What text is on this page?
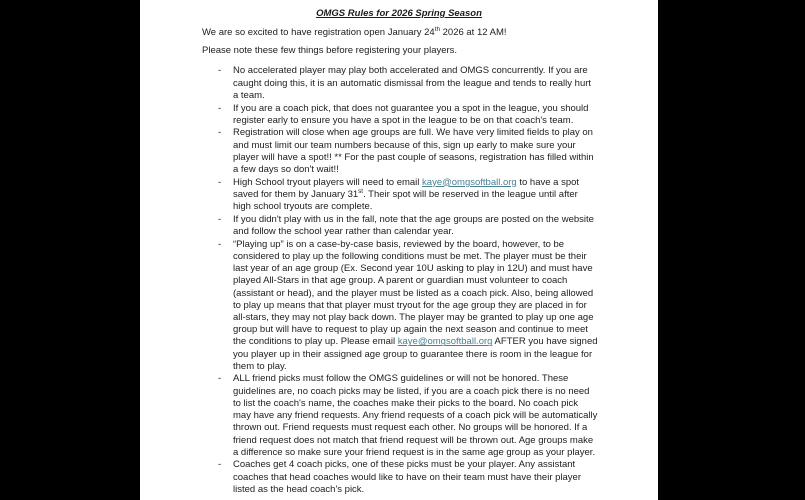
OMGS Rules for 2026 Spring Season

We are so excited to have registration open January 24th 2026 at 12 AM!

Please note these few things before registering your players.

- No accelerated player may play both accelerated and OMGS concurrently. If you are caught doing this, it is an automatic dismissal from the league and tends to really hurt a team.
- If you are a coach pick, that does not guarantee you a spot in the league, you should register early to ensure you have a spot in the league to be on that coach's team.
- Registration will close when age groups are full. We have very limited fields to play on and must limit our team numbers because of this, sign up early to make sure your player will have a spot!! ** For the past couple of seasons, registration has filled within a few days so don't wait!!
- High School tryout players will need to email kaye@omgsoftball.org to have a spot saved for them by January 31st. Their spot will be reserved in the league until after high school tryouts are complete.
- If you didn't play with us in the fall, note that the age groups are posted on the website and follow the school year rather than calendar year.
- “Playing up” is on a case-by-case basis, reviewed by the board, however, to be considered to play up the following conditions must be met. The player must be their last year of an age group (Ex. Second year 10U asking to play in 12U) and must have played All-Stars in that age group. A parent or guardian must volunteer to coach (assistant or head), and the player must be listed as a coach pick. Also, being allowed to play up means that that player must tryout for the age group they are placed in for all-stars, they may not play back down. The player may be granted to play up one age group but will have to request to play up again the next season and continue to meet the conditions to play up. Please email kaye@omgsoftball.org AFTER you have signed you player up in their assigned age group to guarantee there is room in the league for them to play.
- ALL friend picks must follow the OMGS guidelines or will not be honored. These guidelines are, no coach picks may be listed, if you are a coach pick there is no need to list the coach's name, the coaches make their picks to the board. No coach pick may have any friend requests. Any friend requests of a coach pick will be automatically thrown out. Friend requests must request each other. No groups will be honored. If a friend request does not match that friend request will be thrown out. Age groups make a difference so make sure your friend request is in the same age group as your player.
- Coaches get 4 coach picks, one of these picks must be your player. Any assistant coaches that head coaches would like to have on their team must have their player listed as the head coach's pick.
